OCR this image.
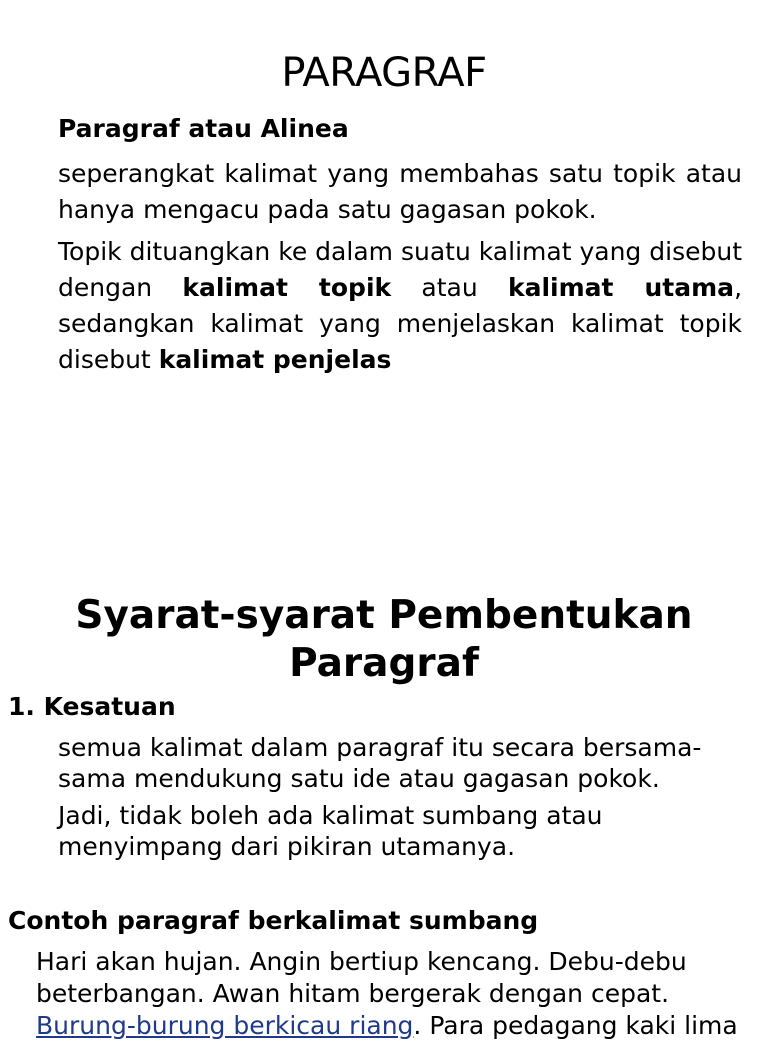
PARAGRAF
Paragraf atau Alinea
seperangkat kalimat yang membahas satu topik atau hanya mengacu pada satu gagasan pokok.
Topik dituangkan ke dalam suatu kalimat yang disebut dengan kalimat topik atau kalimat utama, sedangkan kalimat yang menjelaskan kalimat topik disebut kalimat penjelas
Syarat-syarat Pembentukan
Paragraf
1. Kesatuan
semua kalimat dalam paragraf itu secara bersama-sama mendukung satu ide atau gagasan pokok.
Jadi, tidak boleh ada kalimat sumbang atau menyimpang dari pikiran utamanya.
Contoh paragraf berkalimat sumbang
Hari akan hujan. Angin bertiup kencang. Debu-debu beterbangan. Awan hitam bergerak dengan cepat. Burung-burung berkicau riang. Para pedagang kaki lima
